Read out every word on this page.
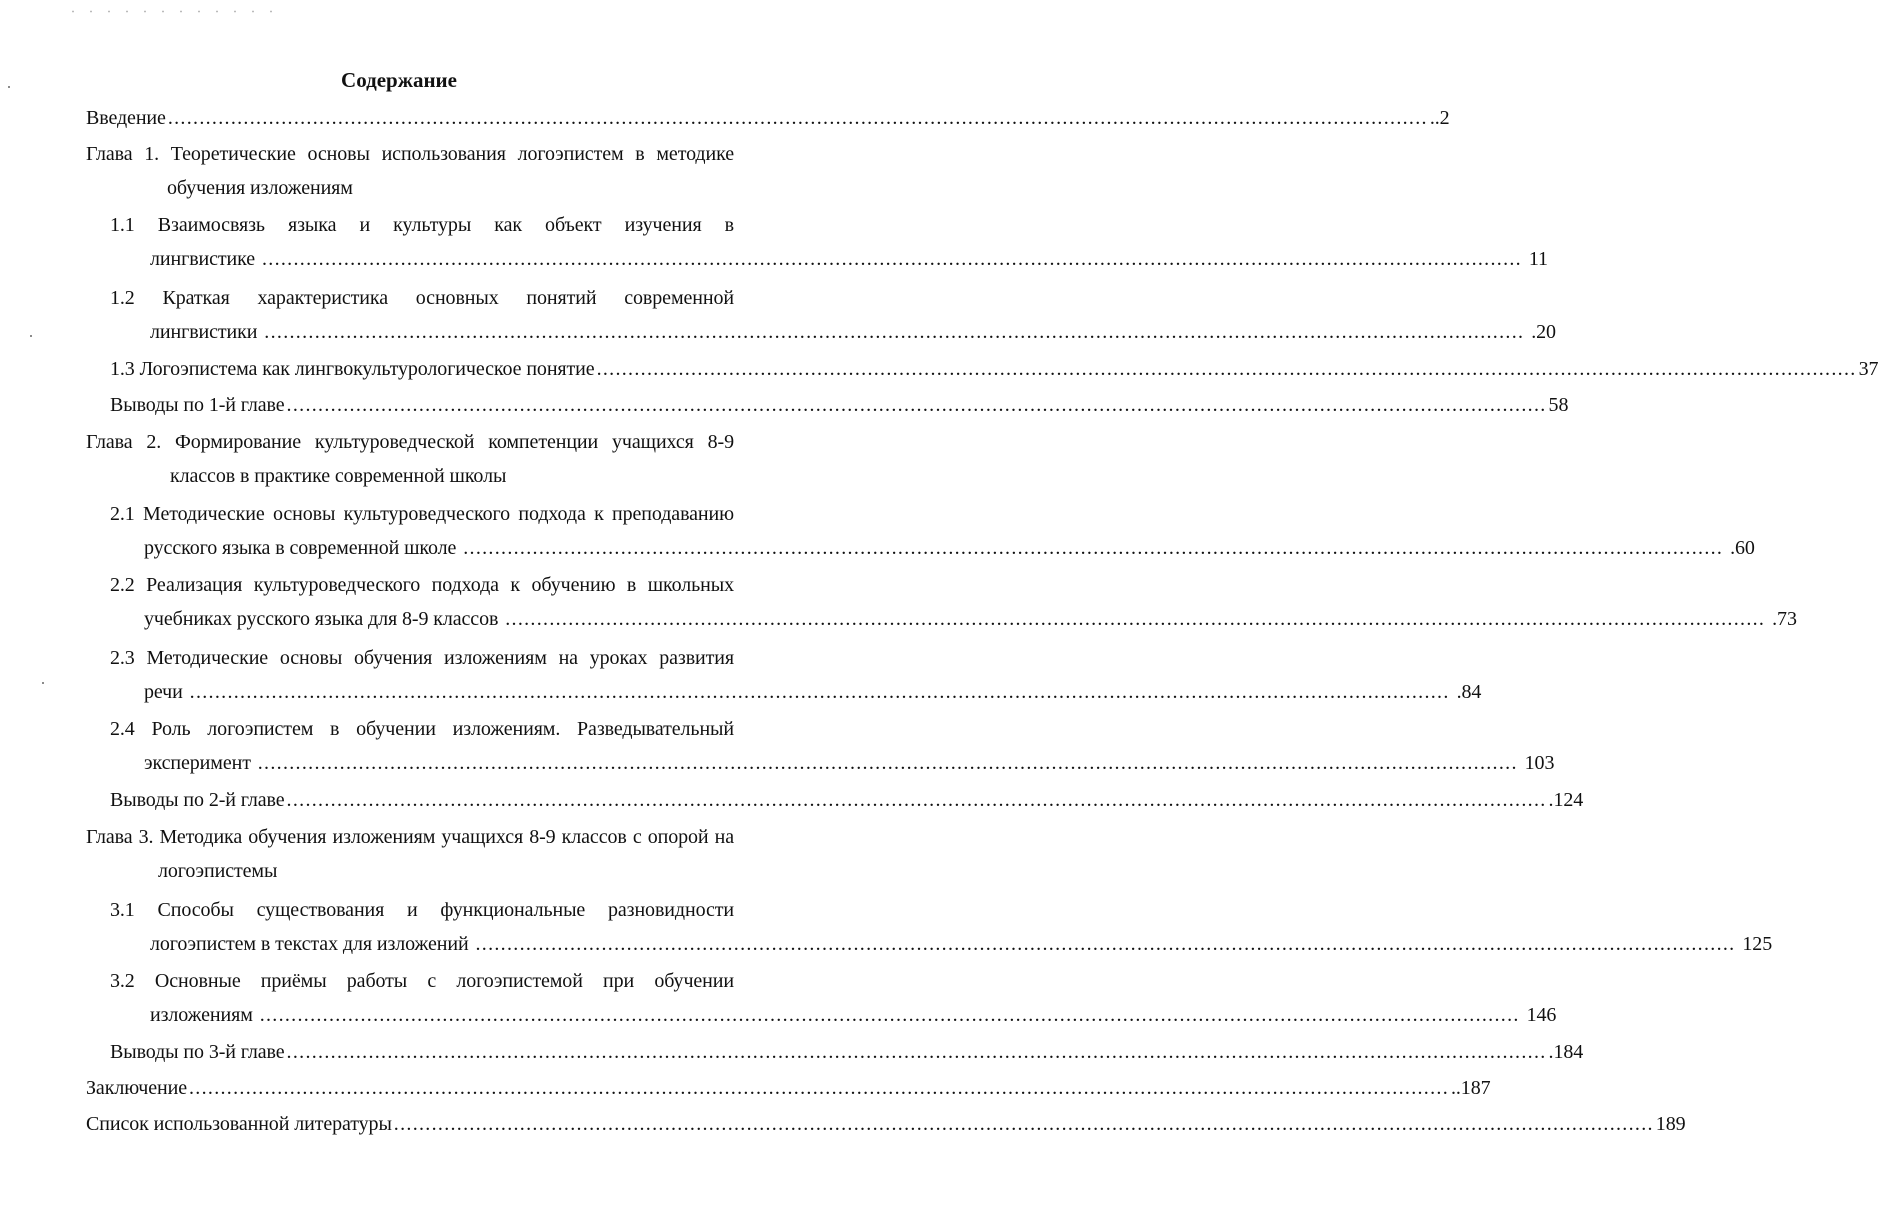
Содержание
Введение .....	..2
Глава 1. Теоретические основы использования логоэпистем в методике
обучения изложениям
1.1 Взаимосвязь языка и культуры как объект изучения в
лингвистике .....	11
1.2 Краткая характеристика основных понятий современной
лингвистики .....	.20
1.3 Логоэпистема как лингвокультурологическое понятие .....	37
Выводы по 1-й главе .....	58
Глава 2. Формирование культуроведческой компетенции учащихся 8-9
классов в практике современной школы
2.1 Методические основы культуроведческого подхода к преподаванию
русского языка в современной школе .....	.60
2.2 Реализация культуроведческого подхода к обучению в школьных
учебниках русского языка для 8-9 классов .....	.73
2.3 Методические основы обучения изложениям на уроках развития
речи .....	.84
2.4 Роль логоэпистем в обучении изложениям. Разведывательный
эксперимент .....	103
Выводы по 2-й главе .....	.124
Глава 3. Методика обучения изложениям учащихся 8-9 классов с опорой на
логоэпистемы
3.1 Способы существования и функциональные разновидности
логоэпистем в текстах для изложений .....	125
3.2 Основные приёмы работы с логоэпистемой при обучении
изложениям .....	146
Выводы по 3-й главе .....	.184
Заключение .....	..187
Список использованной литературы .....	189
